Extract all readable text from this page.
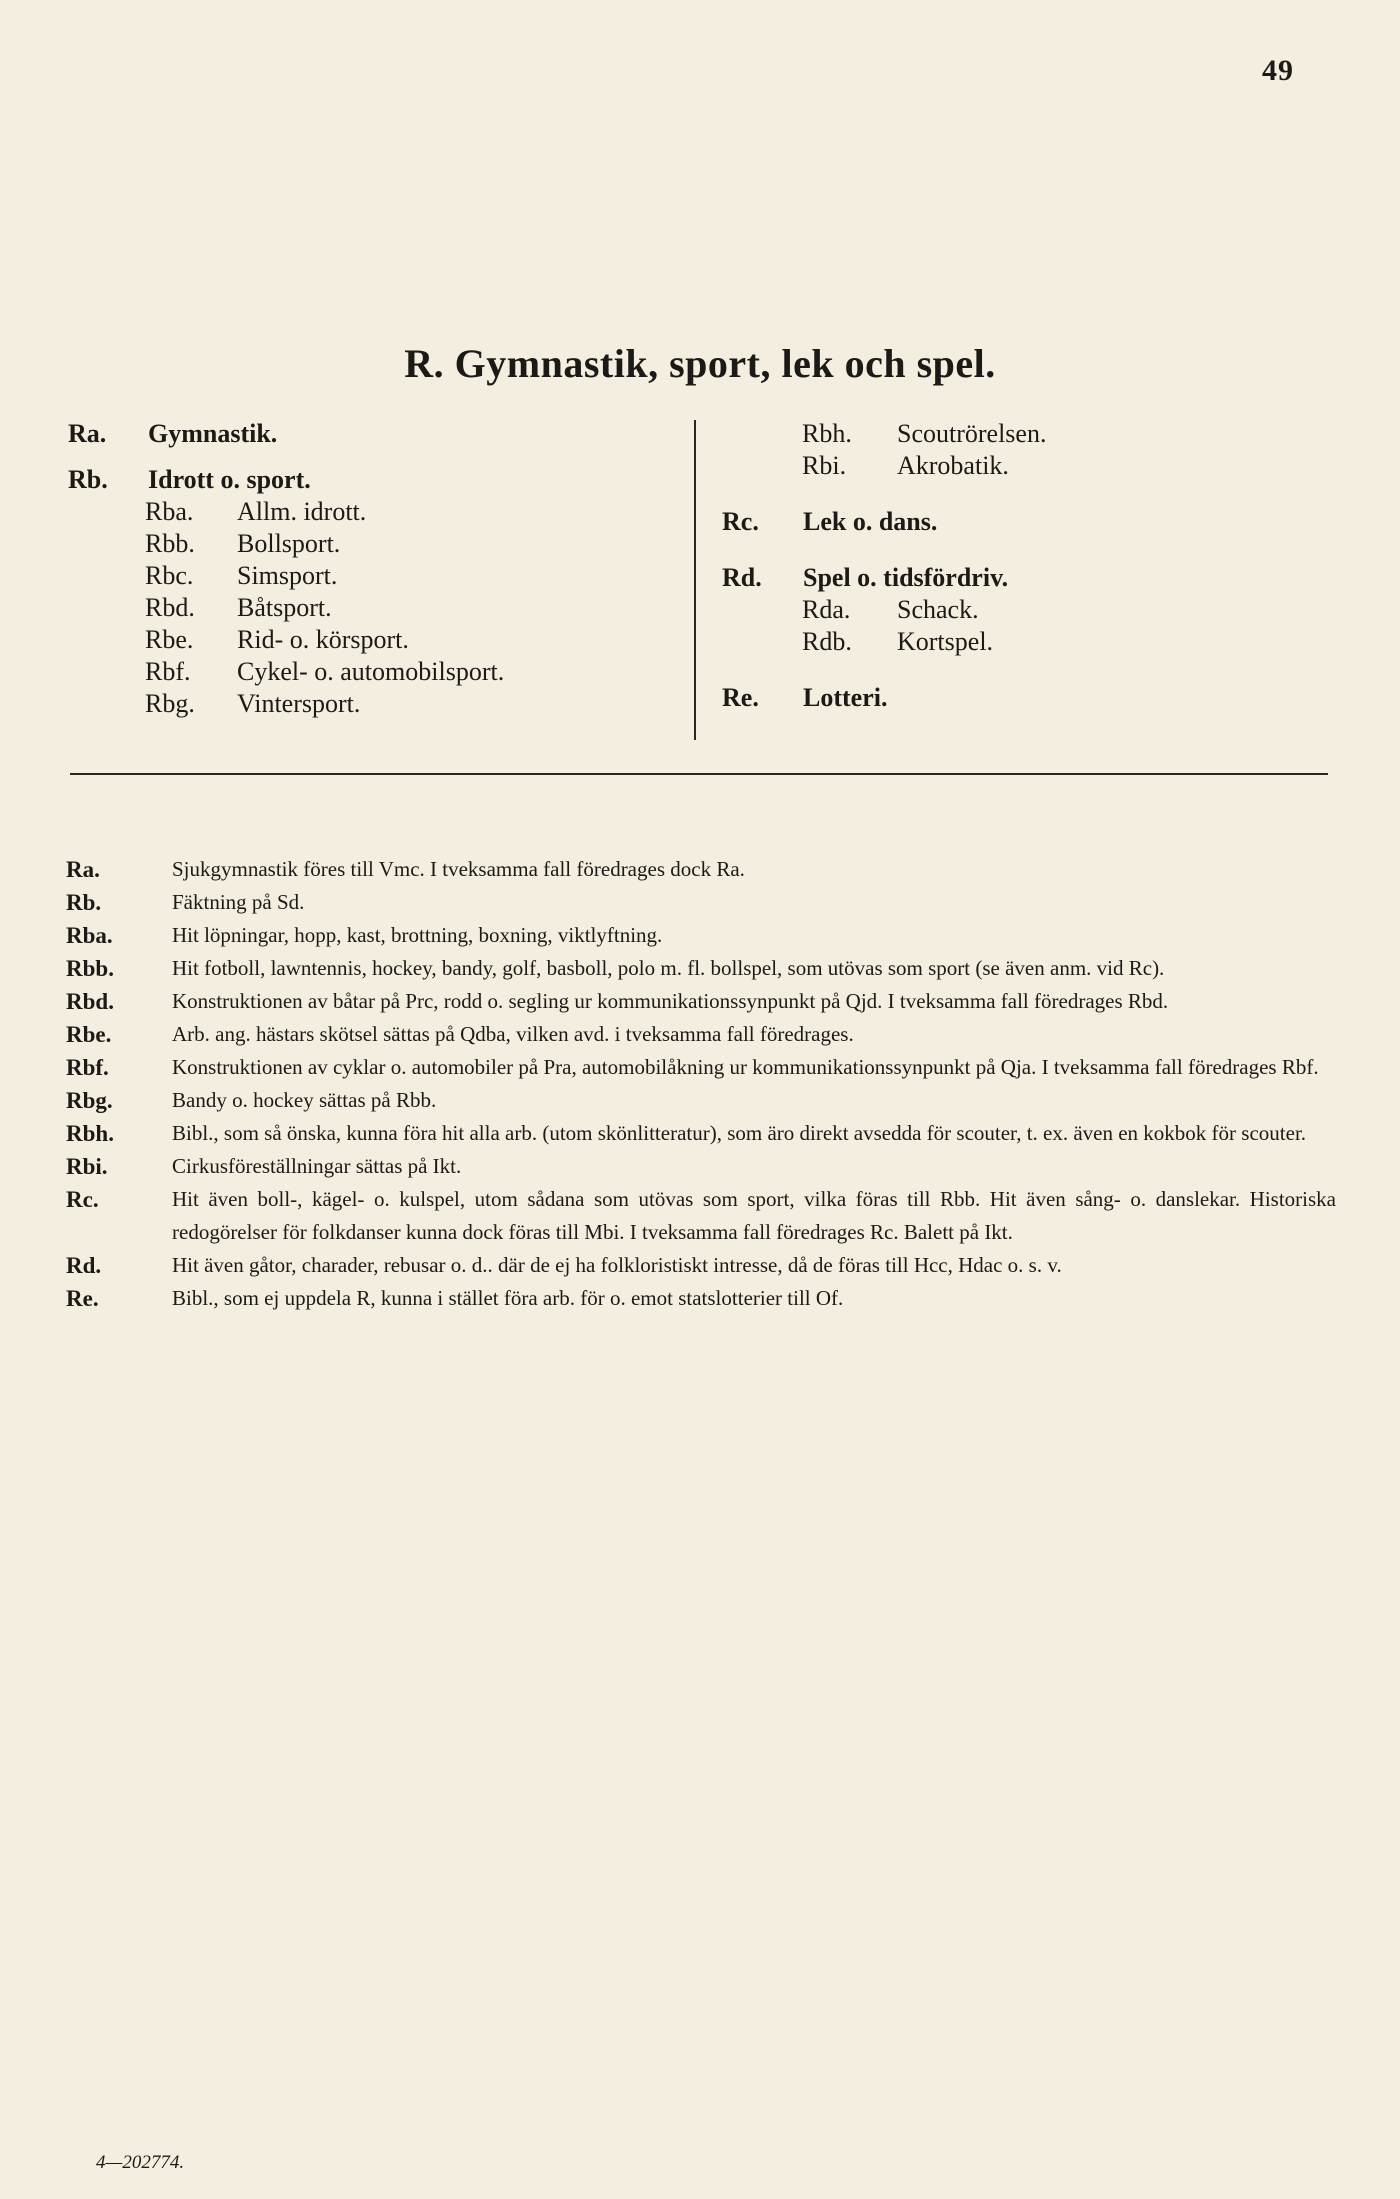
49
R. Gymnastik, sport, lek och spel.
Ra. Gymnastik.
Rb. Idrott o. sport.
Rba. Allm. idrott.
Rbb. Bollsport.
Rbc. Simsport.
Rbd. Båtsport.
Rbe. Rid- o. körsport.
Rbf. Cykel- o. automobilsport.
Rbg. Vintersport.
Rbh. Scoutrörelsen.
Rbi. Akrobatik.
Rc. Lek o. dans.
Rd. Spel o. tidsfördriv.
Rda. Schack.
Rdb. Kortspel.
Re. Lotteri.
Ra.	Sjukgymnastik föres till Vmc. I tveksamma fall föredrages dock Ra.
Rb.	Fäktning på Sd.
Rba.	Hit löpningar, hopp, kast, brottning, boxning, viktlyftning.
Rbb.	Hit fotboll, lawntennis, hockey, bandy, golf, basboll, polo m. fl. bollspel, som utövas som sport (se även anm. vid Rc).
Rbd.	Konstruktionen av båtar på Prc, rodd o. segling ur kommunikationssynpunkt på Qjd. I tveksamma fall föredrages Rbd.
Rbe.	Arb. ang. hästars skötsel sättas på Qdba, vilken avd. i tveksamma fall föredrages.
Rbf.	Konstruktionen av cyklar o. automobiler på Pra, automobilåkning ur kommunikationssynpunkt på Qja. I tveksamma fall föredrages Rbf.
Rbg.	Bandy o. hockey sättas på Rbb.
Rbh.	Bibl., som så önska, kunna föra hit alla arb. (utom skönlitteratur), som äro direkt avsedda för scouter, t. ex. även en kokbok för scouter.
Rbi.	Cirkusföreställningar sättas på Ikt.
Rc.	Hit även boll-, kägel- o. kulspel, utom sådana som utövas som sport, vilka föras till Rbb. Hit även sång- o. danslekar. Historiska redogörelser för folkdanser kunna dock föras till Mbi. I tveksamma fall föredrages Rc. Balett på Ikt.
Rd.	Hit även gåtor, charader, rebusar o. d.. där de ej ha folkloristiskt intresse, då de föras till Hcc, Hdac o. s. v.
Re.	Bibl., som ej uppdela R, kunna i stället föra arb. för o. emot statslotterier till Of.
4—202774.
